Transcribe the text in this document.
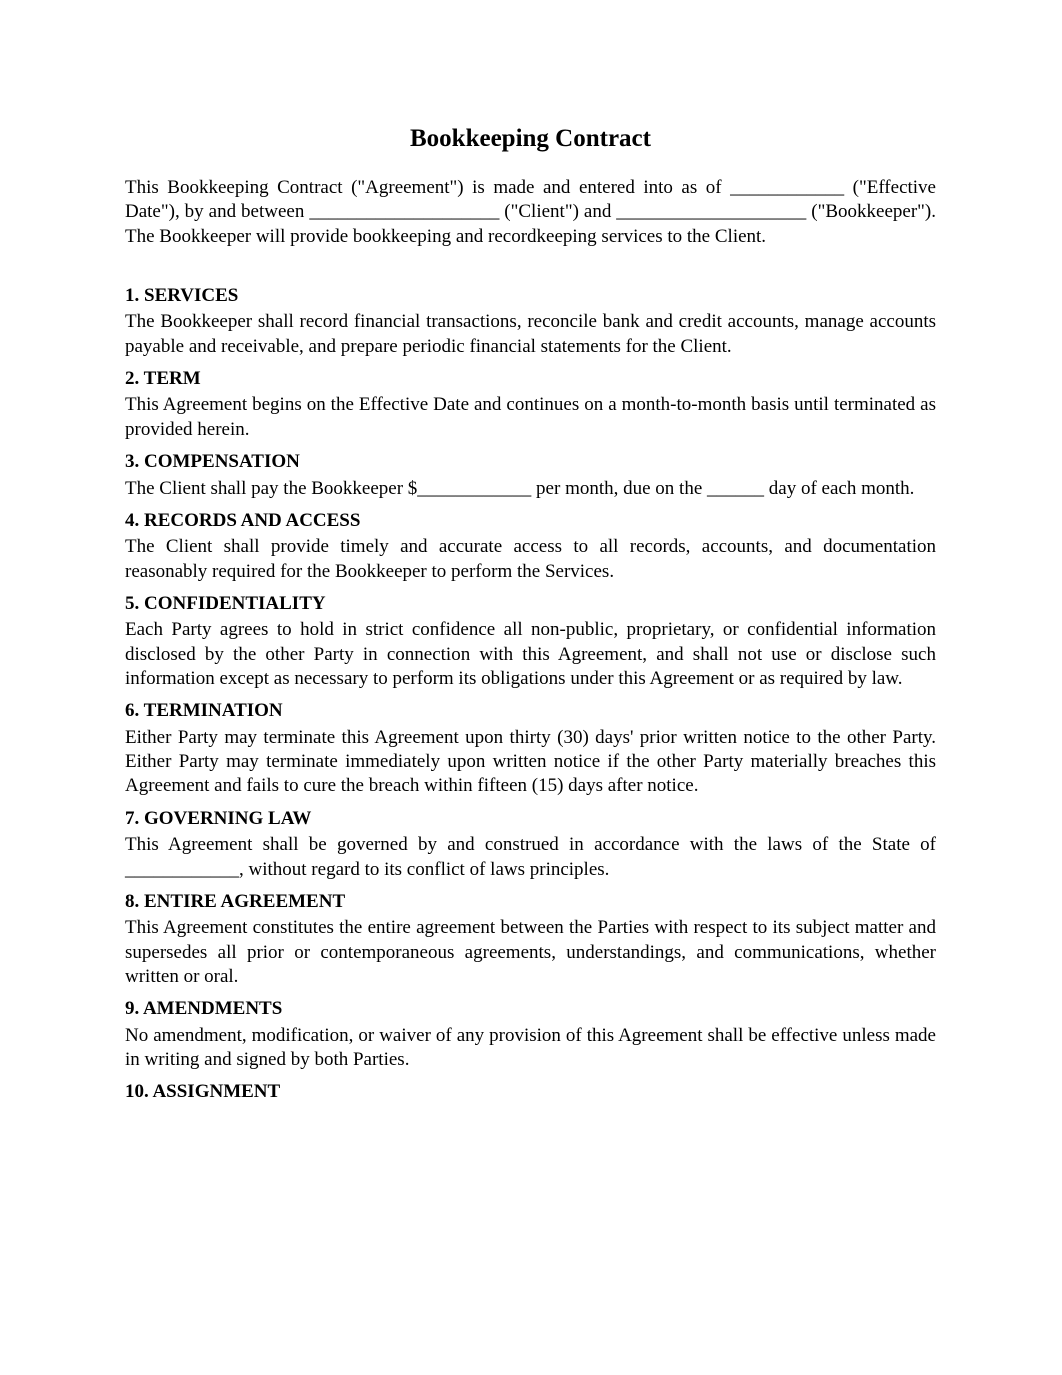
Bookkeeping Contract

This Bookkeeping Contract ("Agreement") is made and entered into as of ____________ ("Effective Date"), by and between ____________________ ("Client") and ____________________ ("Bookkeeper"). The Bookkeeper will provide bookkeeping and recordkeeping services to the Client.

1. SERVICES

The Bookkeeper shall record financial transactions, reconcile bank and credit accounts, manage accounts payable and receivable, and prepare periodic financial statements for the Client.

2. TERM

This Agreement begins on the Effective Date and continues on a month-to-month basis until terminated as provided herein.

3. COMPENSATION

The Client shall pay the Bookkeeper $____________ per month, due on the ______ day of each month.

4. RECORDS AND ACCESS

The Client shall provide timely and accurate access to all records, accounts, and documentation reasonably required for the Bookkeeper to perform the Services.

5. CONFIDENTIALITY

Each Party agrees to hold in strict confidence all non-public, proprietary, or confidential information disclosed by the other Party in connection with this Agreement, and shall not use or disclose such information except as necessary to perform its obligations under this Agreement or as required by law.

6. TERMINATION

Either Party may terminate this Agreement upon thirty (30) days' prior written notice to the other Party. Either Party may terminate immediately upon written notice if the other Party materially breaches this Agreement and fails to cure the breach within fifteen (15) days after notice.

7. GOVERNING LAW

This Agreement shall be governed by and construed in accordance with the laws of the State of ____________, without regard to its conflict of laws principles.

8. ENTIRE AGREEMENT

This Agreement constitutes the entire agreement between the Parties with respect to its subject matter and supersedes all prior or contemporaneous agreements, understandings, and communications, whether written or oral.

9. AMENDMENTS

No amendment, modification, or waiver of any provision of this Agreement shall be effective unless made in writing and signed by both Parties.

10. ASSIGNMENT
